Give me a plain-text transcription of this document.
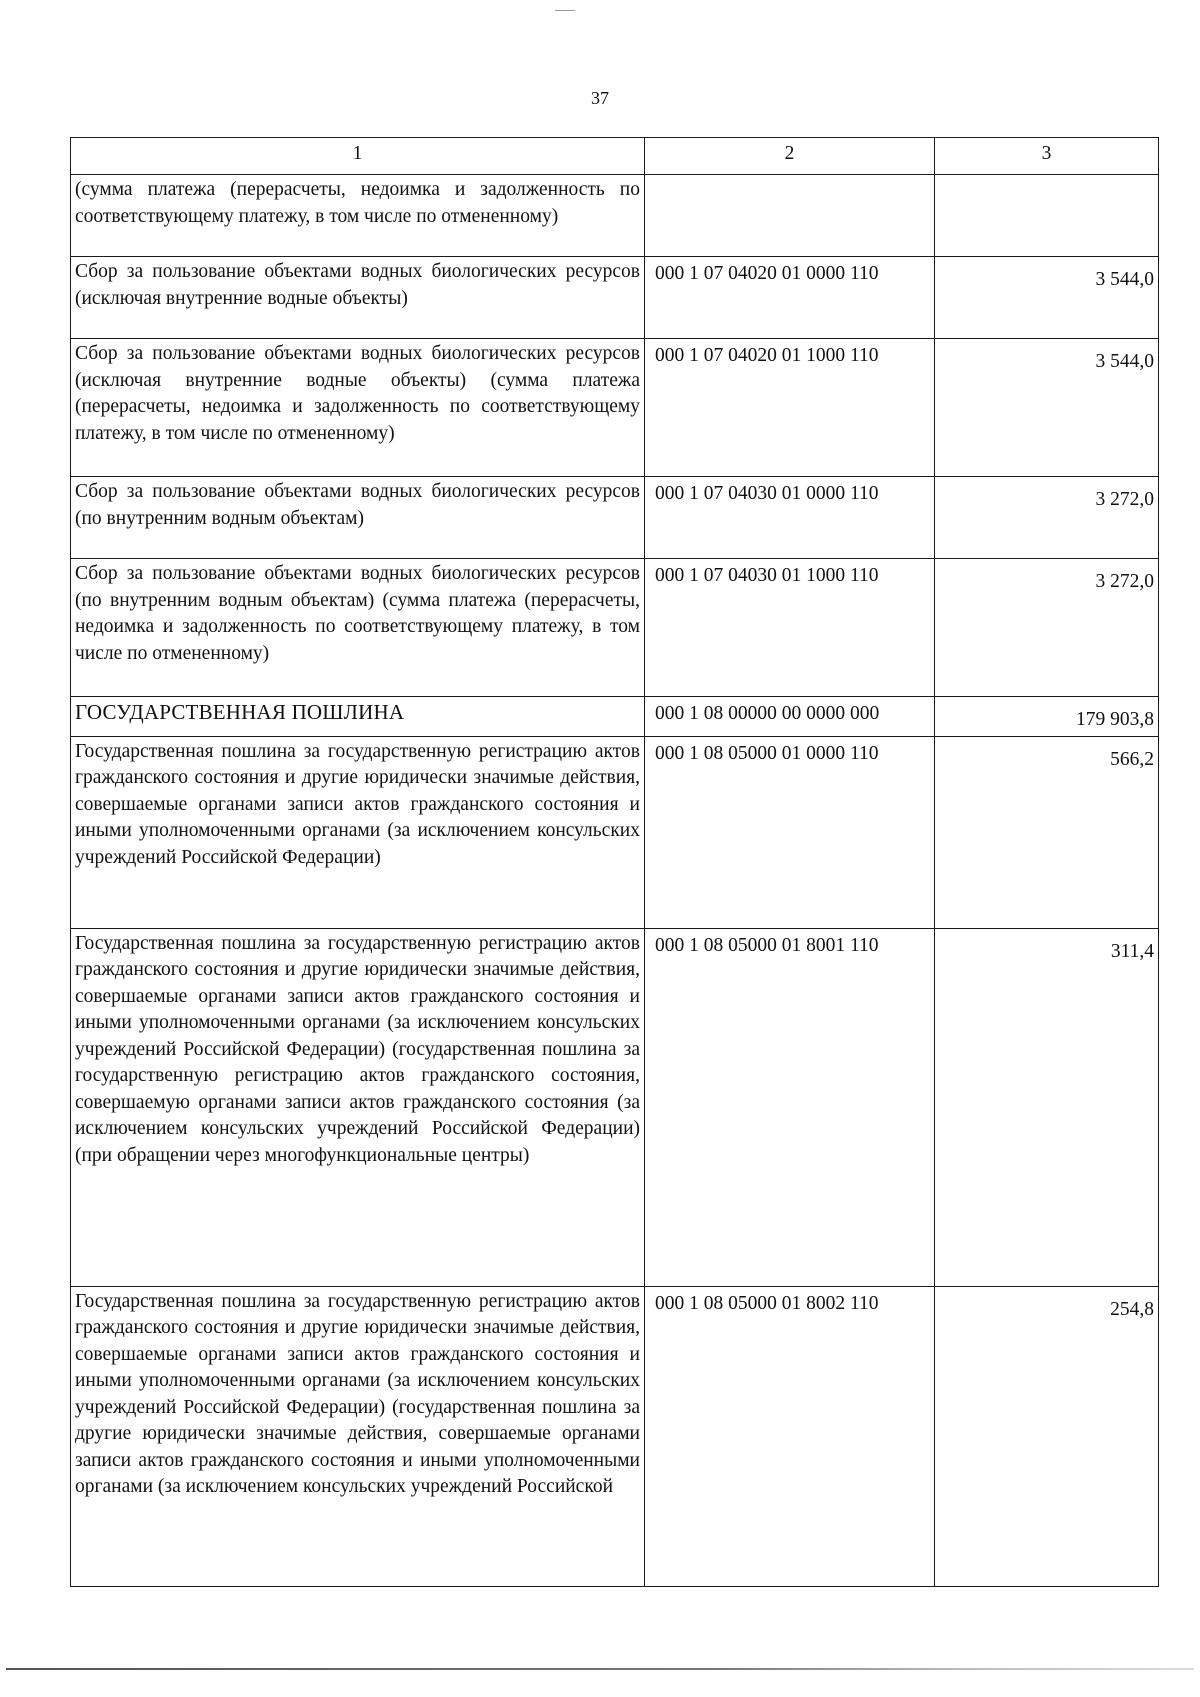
37
1	2	3
(сумма платежа (перерасчеты, недоимка и задолженность по соответствующему платежу, в том числе по отмененному)		
Сбор за пользование объектами водных биологических ресурсов (исключая внутренние водные объекты)	000 1 07 04020 01 0000 110	3 544,0
Сбор за пользование объектами водных биологических ресурсов (исключая внутренние водные объекты) (сумма платежа (перерасчеты, недоимка и задолженность по соответствующему платежу, в том числе по отмененному)	000 1 07 04020 01 1000 110	3 544,0
Сбор за пользование объектами водных биологических ресурсов (по внутренним водным объектам)	000 1 07 04030 01 0000 110	3 272,0
Сбор за пользование объектами водных биологических ресурсов (по внутренним водным объектам) (сумма платежа (перерасчеты, недоимка и задолженность по соответствующему платежу, в том числе по отмененному)	000 1 07 04030 01 1000 110	3 272,0
ГОСУДАРСТВЕННАЯ ПОШЛИНА	000 1 08 00000 00 0000 000	179 903,8
Государственная пошлина за государственную регистрацию актов гражданского состояния и другие юридически значимые действия, совершаемые органами записи актов гражданского состояния и иными уполномоченными органами (за исключением консульских учреждений Российской Федерации)	000 1 08 05000 01 0000 110	566,2
Государственная пошлина за государственную регистрацию актов гражданского состояния и другие юридически значимые действия, совершаемые органами записи актов гражданского состояния и иными уполномоченными органами (за исключением консульских учреждений Российской Федерации) (государственная пошлина за государственную регистрацию актов гражданского состояния, совершаемую органами записи актов гражданского состояния (за исключением консульских учреждений Российской Федерации) (при обращении через многофункциональные центры)	000 1 08 05000 01 8001 110	311,4
Государственная пошлина за государственную регистрацию актов гражданского состояния и другие юридически значимые действия, совершаемые органами записи актов гражданского состояния и иными уполномоченными органами (за исключением консульских учреждений Российской Федерации) (государственная пошлина за другие юридически значимые действия, совершаемые органами записи актов гражданского состояния и иными уполномоченными органами (за исключением консульских учреждений Российской	000 1 08 05000 01 8002 110	254,8
